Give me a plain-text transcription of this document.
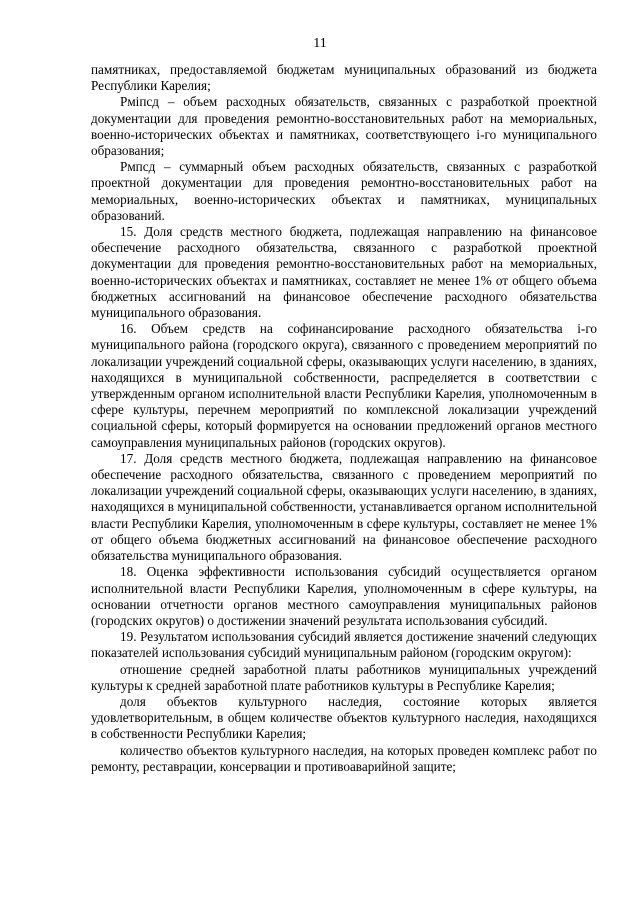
11

памятниках, предоставляемой бюджетам муниципальных образований из бюджета Республики Карелия;

Pмiпсд – объем расходных обязательств, связанных с разработкой проектной документации для проведения ремонтно-восстановительных работ на мемориальных, военно-исторических объектах и памятниках, соответствующего i-го муниципального образования;

Pмпсд – суммарный объем расходных обязательств, связанных с разработкой проектной документации для проведения ремонтно-восстановительных работ на мемориальных, военно-исторических объектах и памятниках, муниципальных образований.

15. Доля средств местного бюджета, подлежащая направлению на финансовое обеспечение расходного обязательства, связанного с разработкой проектной документации для проведения ремонтно-восстановительных работ на мемориальных, военно-исторических объектах и памятниках, составляет не менее 1% от общего объема бюджетных ассигнований на финансовое обеспечение расходного обязательства муниципального образования.

16. Объем средств на софинансирование расходного обязательства i-го муниципального района (городского округа), связанного с проведением мероприятий по локализации учреждений социальной сферы, оказывающих услуги населению, в зданиях, находящихся в муниципальной собственности, распределяется в соответствии с утвержденным органом исполнительной власти Республики Карелия, уполномоченным в сфере культуры, перечнем мероприятий по комплексной локализации учреждений социальной сферы, который формируется на основании предложений органов местного самоуправления муниципальных районов (городских округов).

17. Доля средств местного бюджета, подлежащая направлению на финансовое обеспечение расходного обязательства, связанного с проведением мероприятий по локализации учреждений социальной сферы, оказывающих услуги населению, в зданиях, находящихся в муниципальной собственности, устанавливается органом исполнительной власти Республики Карелия, уполномоченным в сфере культуры, составляет не менее 1% от общего объема бюджетных ассигнований на финансовое обеспечение расходного обязательства муниципального образования.

18. Оценка эффективности использования субсидий осуществляется органом исполнительной власти Республики Карелия, уполномоченным в сфере культуры, на основании отчетности органов местного самоуправления муниципальных районов (городских округов) о достижении значений результата использования субсидий.

19. Результатом использования субсидий является достижение значений следующих показателей использования субсидий муниципальным районом (городским округом):

отношение средней заработной платы работников муниципальных учреждений культуры к средней заработной плате работников культуры в Республике Карелия;

доля объектов культурного наследия, состояние которых является удовлетворительным, в общем количестве объектов культурного наследия, находящихся в собственности Республики Карелия;

количество объектов культурного наследия, на которых проведен комплекс работ по ремонту, реставрации, консервации и противоаварийной защите;
